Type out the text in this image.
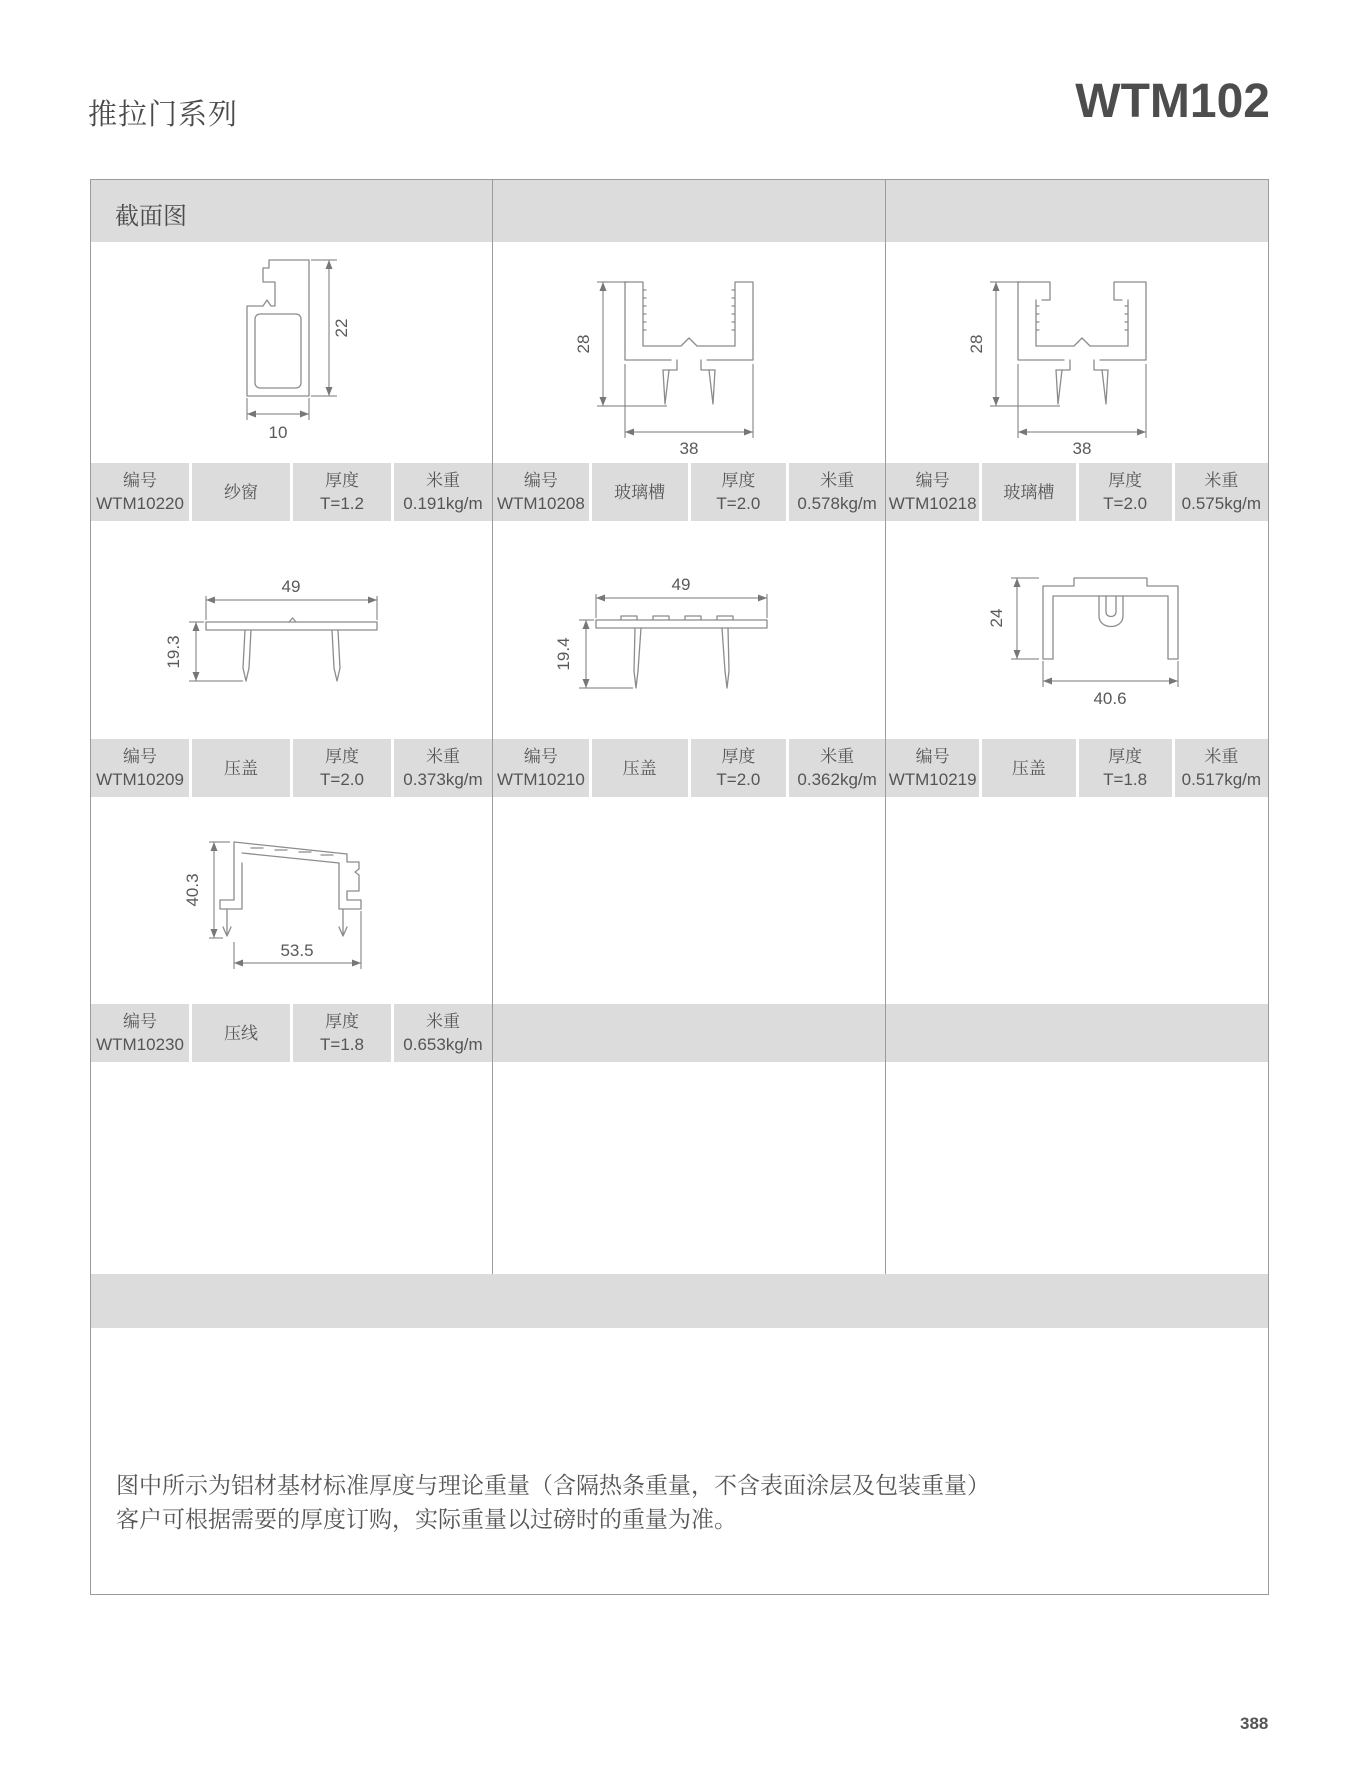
推拉门系列	WTM102
截面图
22
10
28
38
28
38
编号
WTM10220
纱窗
厚度
T=1.2
米重
0.191kg/m
编号
WTM10208
玻璃槽
厚度
T=2.0
米重
0.578kg/m
编号
WTM10218
玻璃槽
厚度
T=2.0
米重
0.575kg/m
49
19.3
49
19.4
24
40.6
编号
WTM10209
压盖
厚度
T=2.0
米重
0.373kg/m
编号
WTM10210
压盖
厚度
T=2.0
米重
0.362kg/m
编号
WTM10219
压盖
厚度
T=1.8
米重
0.517kg/m
40.3
53.5
编号
WTM10230
压线
厚度
T=1.8
米重
0.653kg/m
图中所示为铝材基材标准厚度与理论重量（含隔热条重量，不含表面涂层及包装重量）
客户可根据需要的厚度订购，实际重量以过磅时的重量为准。
388
